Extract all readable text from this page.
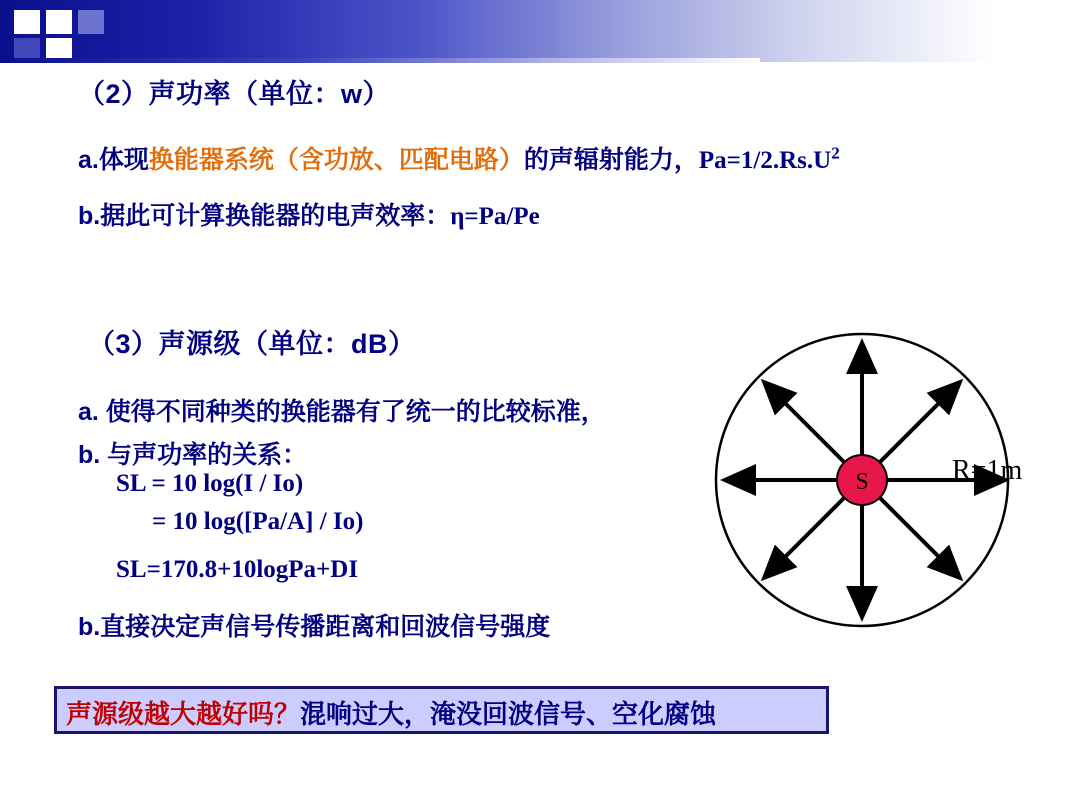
（2）声功率（单位：w）
a.体现换能器系统（含功放、匹配电路）的声辐射能力，$Pa=1/2.Rs.U^2$
b.据此可计算换能器的电声效率：η=Pa/Pe
（3）声源级（单位：dB）
a. 使得不同种类的换能器有了统一的比较标准，
b. 与声功率的关系：
SL = 10 log(I / Io)
= 10 log([Pa/A] / Io)
SL=170.8+10logPa+DI
b.直接决定声信号传播距离和回波信号强度
声源级越大越好吗？混响过大，淹没回波信号、空化腐蚀
S	R=1m
